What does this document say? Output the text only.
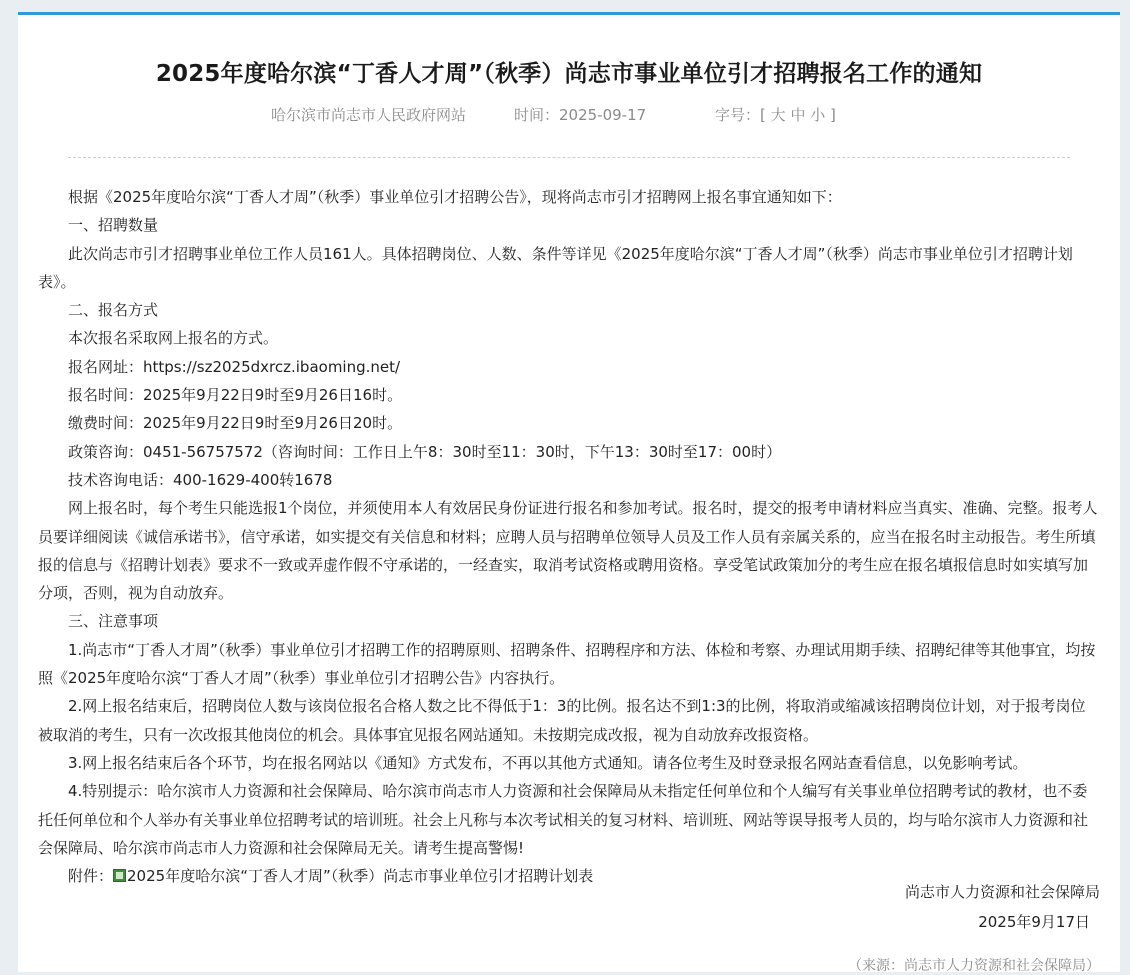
2025年度哈尔滨“丁香人才周”（秋季）尚志市事业单位引才招聘报名工作的通知
哈尔滨市尚志市人民政府网站	时间：2025-09-17	字号：[ 大 中 小 ]

根据《2025年度哈尔滨“丁香人才周”（秋季）事业单位引才招聘公告》，现将尚志市引才招聘网上报名事宜通知如下：

一、招聘数量

此次尚志市引才招聘事业单位工作人员161人。具体招聘岗位、人数、条件等详见《2025年度哈尔滨“丁香人才周”（秋季）尚志市事业单位引才招聘计划表》。

二、报名方式

本次报名采取网上报名的方式。

报名网址：https://sz2025dxrcz.ibaoming.net/

报名时间：2025年9月22日9时至9月26日16时。

缴费时间：2025年9月22日9时至9月26日20时。

政策咨询：0451-56757572（咨询时间：工作日上午8：30时至11：30时，下午13：30时至17：00时）

技术咨询电话：400-1629-400转1678

网上报名时，每个考生只能选报1个岗位，并须使用本人有效居民身份证进行报名和参加考试。报名时，提交的报考申请材料应当真实、准确、完整。报考人员要详细阅读《诚信承诺书》，信守承诺，如实提交有关信息和材料；应聘人员与招聘单位领导人员及工作人员有亲属关系的，应当在报名时主动报告。考生所填报的信息与《招聘计划表》要求不一致或弄虚作假不守承诺的，一经查实，取消考试资格或聘用资格。享受笔试政策加分的考生应在报名填报信息时如实填写加分项，否则，视为自动放弃。

三、注意事项

1.尚志市“丁香人才周”（秋季）事业单位引才招聘工作的招聘原则、招聘条件、招聘程序和方法、体检和考察、办理试用期手续、招聘纪律等其他事宜，均按照《2025年度哈尔滨“丁香人才周”（秋季）事业单位引才招聘公告》内容执行。

2.网上报名结束后，招聘岗位人数与该岗位报名合格人数之比不得低于1：3的比例。报名达不到1:3的比例，将取消或缩减该招聘岗位计划，对于报考岗位被取消的考生，只有一次改报其他岗位的机会。具体事宜见报名网站通知。未按期完成改报，视为自动放弃改报资格。

3.网上报名结束后各个环节，均在报名网站以《通知》方式发布，不再以其他方式通知。请各位考生及时登录报名网站查看信息，以免影响考试。

4.特别提示：哈尔滨市人力资源和社会保障局、哈尔滨市尚志市人力资源和社会保障局从未指定任何单位和个人编写有关事业单位招聘考试的教材，也不委托任何单位和个人举办有关事业单位招聘考试的培训班。社会上凡称与本次考试相关的复习材料、培训班、网站等误导报考人员的，均与哈尔滨市人力资源和社会保障局、哈尔滨市尚志市人力资源和社会保障局无关。请考生提高警惕!

附件： 2025年度哈尔滨“丁香人才周”（秋季）尚志市事业单位引才招聘计划表

尚志市人力资源和社会保障局
2025年9月17日
（来源：尚志市人力资源和社会保障局）
